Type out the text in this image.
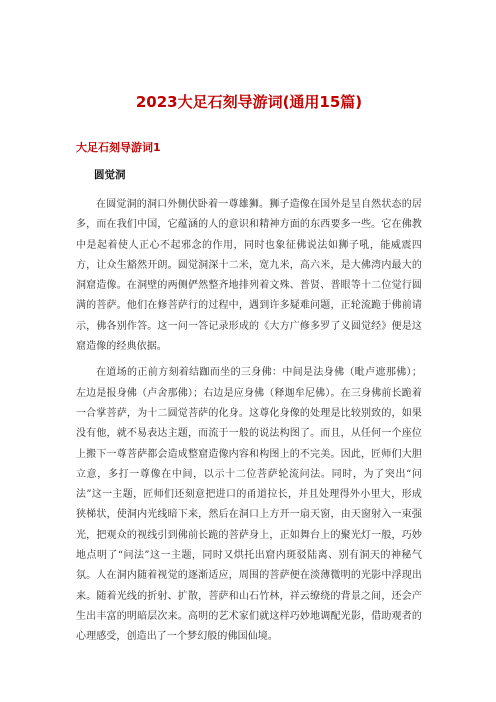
2023大足石刻导游词(通用15篇)
大足石刻导游词1
圆觉洞

在圆觉洞的洞口外侧伏卧着一尊雄狮。狮子造像在国外是呈自然状态的居多，而在我们中国，它蕴涵的人的意识和精神方面的东西要多一些。它在佛教中是起着使人正心不起邪念的作用，同时也象征佛说法如狮子吼，能威震四方，让众生豁然开朗。圆觉洞深十二米，宽九米，高六米，是大佛湾内最大的洞窟造像。在洞壁的两侧俨然整齐地排列着文殊、普贤、普眼等十二位觉行圆满的菩萨。他们在修菩萨行的过程中，遇到许多疑难问题，正轮流跪于佛前请示，佛各别作答。这一问一答记录形成的《大方广修多罗了义圆觉经》便是这窟造像的经典依据。

在道场的正前方刻着结跏而坐的三身佛：中间是法身佛（毗卢遮那佛）；左边是报身佛（卢舍那佛）；右边是应身佛（释迦牟尼佛）。在三身佛前长跪着一合掌菩萨，为十二圆觉菩萨的化身。这尊化身像的处理是比较别致的，如果没有他，就不易表达主题，而流于一般的说法构图了。而且，从任何一个座位上搬下一尊菩萨都会造成整窟造像内容和构图上的不完美。因此，匠师们大胆立意，多打一尊像在中间，以示十二位菩萨轮流问法。同时，为了突出“问法”这一主题，匠师们还刻意把进口的甬道拉长，并且处理得外小里大，形成狭梯状，使洞内光线暗下来，然后在洞口上方开一扇天窗，由天窗射入一束强光，把观众的视线引到佛前长跪的菩萨身上，正如舞台上的聚光灯一般，巧妙地点明了“问法”这一主题，同时又烘托出窟内斑驳陆离、别有洞天的神秘气氛。人在洞内随着视觉的逐渐适应，周围的菩萨便在淡薄微明的光影中浮现出来。随着光线的折射、扩散，菩萨和山石竹林，祥云缭绕的背景之间，还会产生出丰富的明暗层次来。高明的艺术家们就这样巧妙地调配光影，借助观者的心理感受，创造出了一个梦幻般的佛国仙境。
